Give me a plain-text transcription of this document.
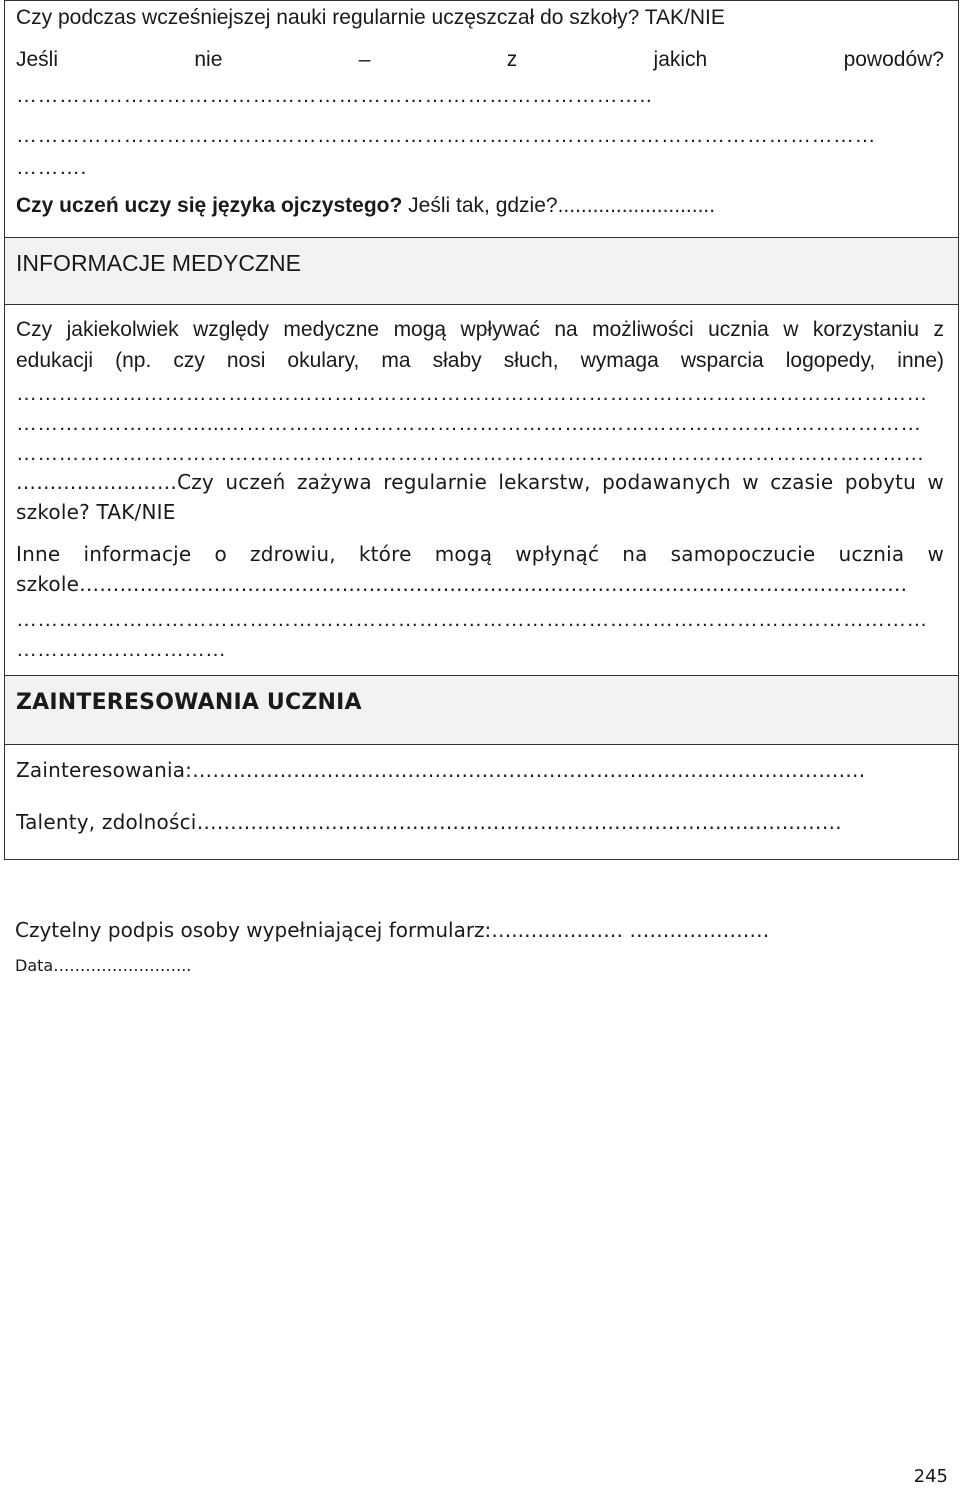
Czy podczas wcześniejszej nauki regularnie uczęszczał do szkoły? TAK/NIE
Jeśli	nie	–	z	jakich	powodów?
……………………………………………………………………………..
…………………………………………………………………………………………………………
……….
Czy uczeń uczy się języka ojczystego? Jeśli tak, gdzie?...........................
INFORMACJE MEDYCZNE
Czy jakiekolwiek względy medyczne mogą wpływać na możliwości ucznia w korzystaniu z
edukacji (np. czy nosi okulary, ma słaby słuch, wymaga wsparcia logopedy, inne)
…………………………………………………………………………………………………………………
………………………...……………………………………………...………………………………………
……………………………………………………………………………...…………………………………
…………...………Czy uczeń zażywa regularnie lekarstw, podawanych w czasie pobytu w
szkole? TAK/NIE
Inne informacje o zdrowiu, które mogą wpłynąć na samopoczucie ucznia w
szkole……………………………………………………………………………………………………………
…………………………………………………………………………………………………………………
…………………………
ZAINTERESOWANIA UCZNIA
Zainteresowania:……………………………………………………………………………………….
Talenty, zdolności………………………………………………………………………...…...……
Czytelny podpis osoby wypełniającej formularz:…..…...……… …………………
Data……………………..
245
